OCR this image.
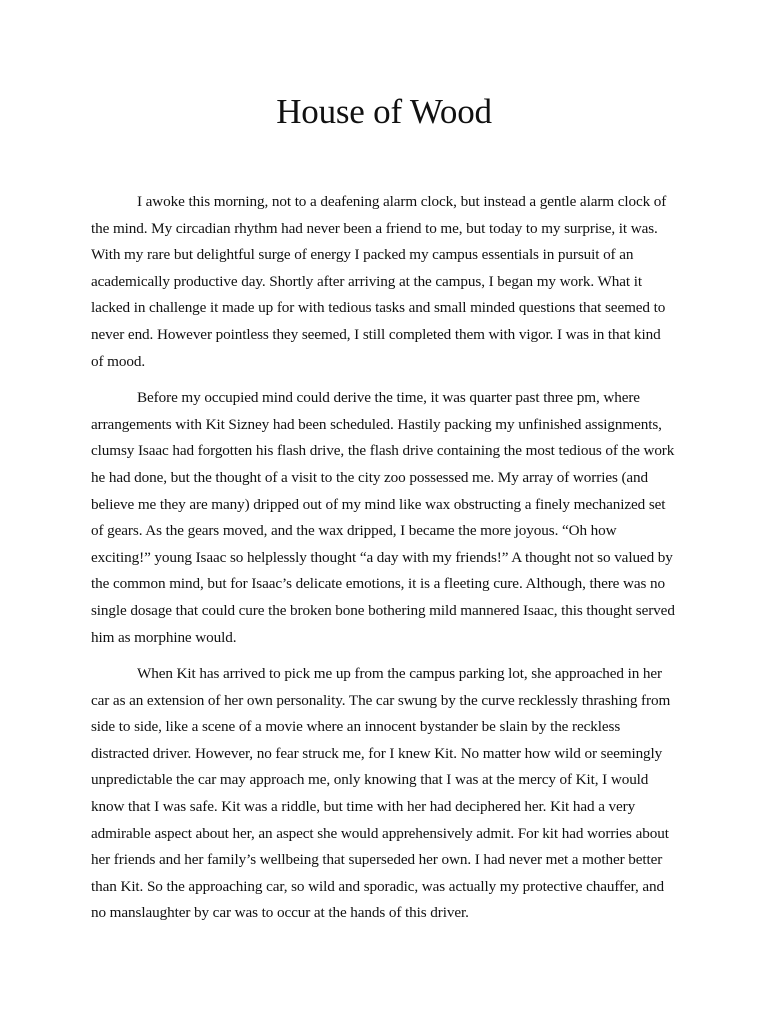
House of Wood

I awoke this morning, not to a deafening alarm clock, but instead a gentle alarm clock of the mind. My circadian rhythm had never been a friend to me, but today to my surprise, it was. With my rare but delightful surge of energy I packed my campus essentials in pursuit of an academically productive day. Shortly after arriving at the campus, I began my work. What it lacked in challenge it made up for with tedious tasks and small minded questions that seemed to never end. However pointless they seemed, I still completed them with vigor. I was in that kind of mood.

Before my occupied mind could derive the time, it was quarter past three pm, where arrangements with Kit Sizney had been scheduled. Hastily packing my unfinished assignments, clumsy Isaac had forgotten his flash drive, the flash drive containing the most tedious of the work he had done, but the thought of a visit to the city zoo possessed me. My array of worries (and believe me they are many) dripped out of my mind like wax obstructing a finely mechanized set of gears. As the gears moved, and the wax dripped, I became the more joyous. “Oh how exciting!” young Isaac so helplessly thought “a day with my friends!” A thought not so valued by the common mind, but for Isaac’s delicate emotions, it is a fleeting cure. Although, there was no single dosage that could cure the broken bone bothering mild mannered Isaac, this thought served him as morphine would.

When Kit has arrived to pick me up from the campus parking lot, she approached in her car as an extension of her own personality. The car swung by the curve recklessly thrashing from side to side, like a scene of a movie where an innocent bystander be slain by the reckless distracted driver. However, no fear struck me, for I knew Kit. No matter how wild or seemingly unpredictable the car may approach me, only knowing that I was at the mercy of Kit, I would know that I was safe. Kit was a riddle, but time with her had deciphered her. Kit had a very admirable aspect about her, an aspect she would apprehensively admit. For kit had worries about her friends and her family’s wellbeing that superseded her own. I had never met a mother better than Kit. So the approaching car, so wild and sporadic, was actually my protective chauffer, and no manslaughter by car was to occur at the hands of this driver.
